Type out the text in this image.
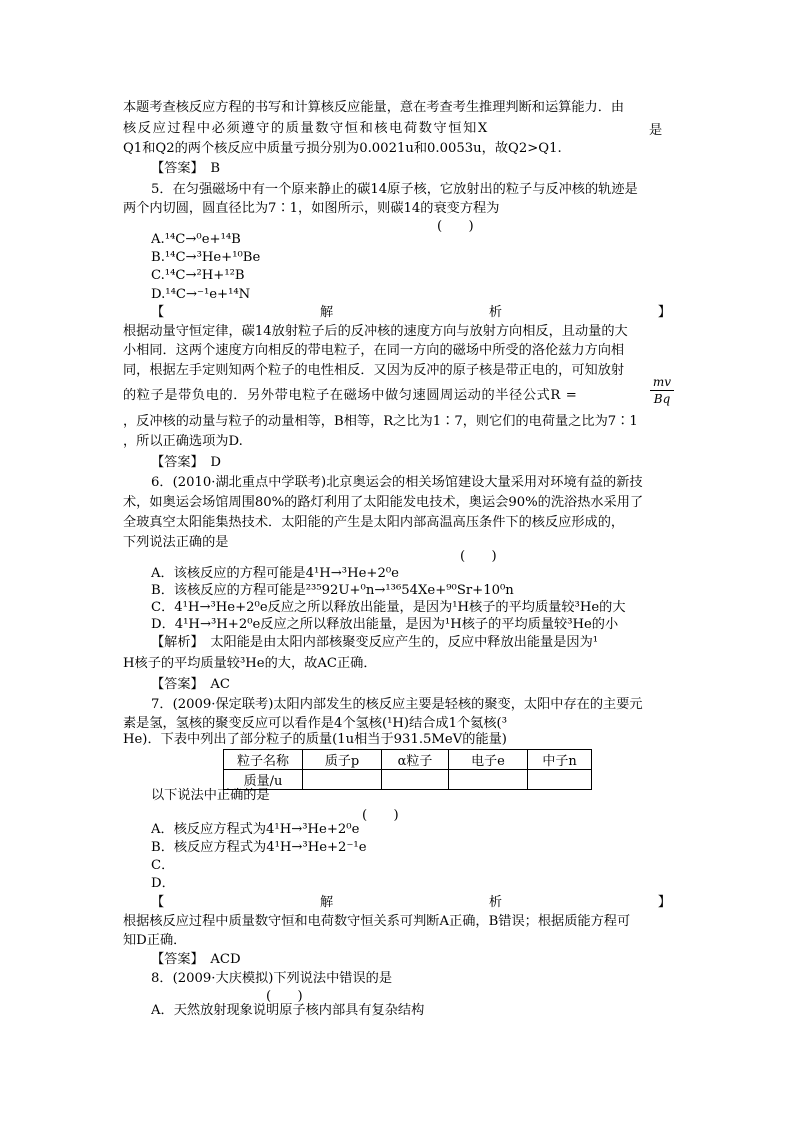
本题考查核反应方程的书写和计算核反应能量，意在考查考生推理判断和运算能力．由
核反应过程中必须遵守的质量数守恒和核电荷数守恒知X	是
Q1和Q2的两个核反应中质量亏损分别为0.0021u和0.0053u，故Q2>Q1.
【答案】　B
5．在匀强磁场中有一个原来静止的碳14原子核，它放射出的粒子与反冲核的轨迹是
两个内切圆，圆直径比为7∶1，如图所示，则碳14的衰变方程为
(　　)
A.¹⁴C→⁰e+¹⁴B
B.¹⁴C→³He+¹⁰Be
C.¹⁴C→²H+¹²B
D.¹⁴C→⁻¹e+¹⁴N
【	解	析	】
根据动量守恒定律，碳14放射粒子后的反冲核的速度方向与放射方向相反，且动量的大
小相同．这两个速度方向相反的带电粒子，在同一方向的磁场中所受的洛伦兹力方向相
同，根据左手定则知两个粒子的电性相反．又因为反冲的原子核是带正电的，可知放射
的粒子是带负电的．另外带电粒子在磁场中做匀速圆周运动的半径公式R =
mv
Bq
，反冲核的动量与粒子的动量相等，B相等，R之比为1∶7，则它们的电荷量之比为7∶1
，所以正确选项为D.
【答案】　D
6．(2010·湖北重点中学联考)北京奥运会的相关场馆建设大量采用对环境有益的新技
术，如奥运会场馆周围80%的路灯利用了太阳能发电技术，奥运会90%的洗浴热水采用了
全玻真空太阳能集热技术．太阳能的产生是太阳内部高温高压条件下的核反应形成的，
下列说法正确的是
(　　)
A．该核反应的方程可能是4¹H→³He+2⁰e
B．该核反应的方程可能是²³⁵92U+⁰n→¹³⁶54Xe+⁹⁰Sr+10⁰n
C．4¹H→³He+2⁰e反应之所以释放出能量，是因为¹H核子的平均质量较³He的大
D．4¹H→³H+2⁰e反应之所以释放出能量，是因为¹H核子的平均质量较³He的小
【解析】　太阳能是由太阳内部核聚变反应产生的，反应中释放出能量是因为¹
H核子的平均质量较³He的大，故AC正确．
【答案】　AC
7．(2009·保定联考)太阳内部发生的核反应主要是轻核的聚变，太阳中存在的主要元
素是氢，氢核的聚变反应可以看作是4个氢核(¹H)结合成1个氦核(³
He)．下表中列出了部分粒子的质量(1u相当于931.5MeV的能量)
粒子名称	质子p	α粒子	电子e	中子n
质量/u				
以下说法中正确的是
(　　)
A．核反应方程式为4¹H→³He+2⁰e
B．核反应方程式为4¹H→³He+2⁻¹e
C．
D．
【	解	析	】
根据核反应过程中质量数守恒和电荷数守恒关系可判断A正确，B错误；根据质能方程可
知D正确．
【答案】　ACD
8．(2009·大庆模拟)下列说法中错误的是
(　　)
A．天然放射现象说明原子核内部具有复杂结构
